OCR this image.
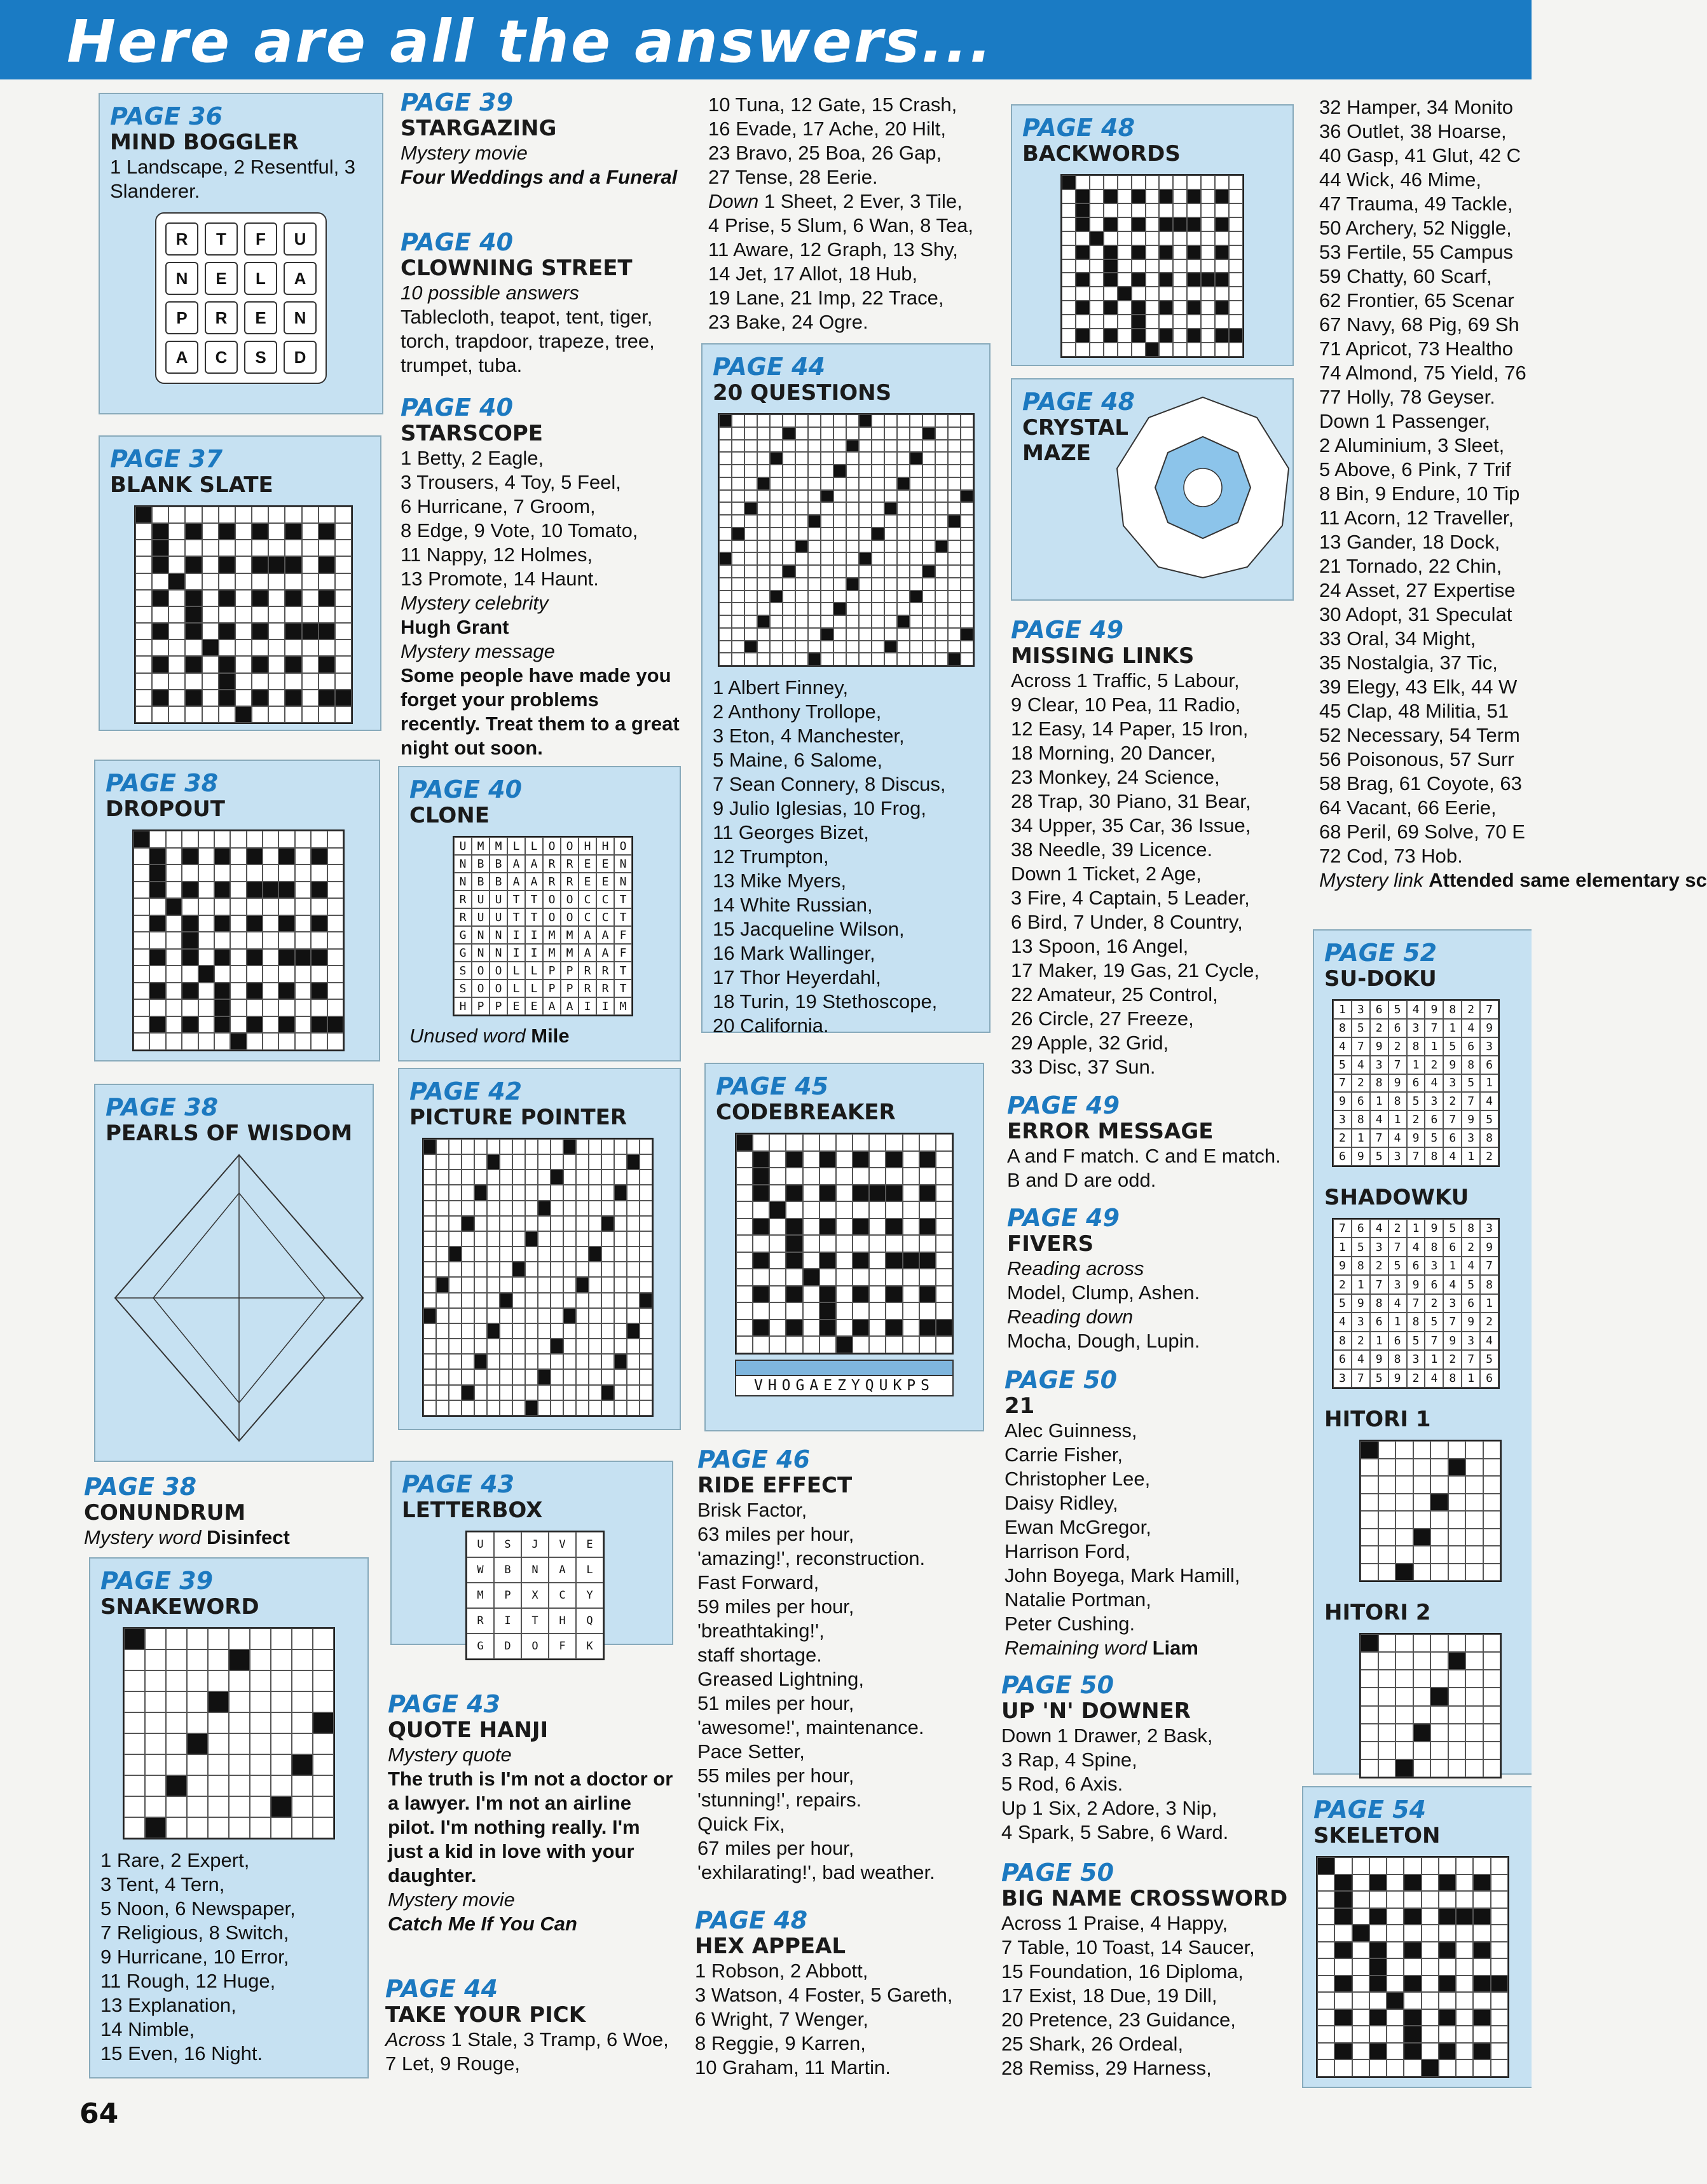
Here are all the answers...
PAGE 36
MIND BOGGLER
1 Landscape, 2 Resentful, 3 Slanderer.
R	T	F	U
N	E	L	A
P	R	E	N
A	C	S	D
PAGE 37
BLANK SLATE
PAGE 38
DROPOUT
PAGE 38
PEARLS OF WISDOM
PAGE 38
CONUNDRUM
Mystery word Disinfect
PAGE 39
SNAKEWORD
1 Rare, 2 Expert,
3 Tent, 4 Tern,
5 Noon, 6 Newspaper,
7 Religious, 8 Switch,
9 Hurricane, 10 Error,
11 Rough, 12 Huge,
13 Explanation,
14 Nimble,
15 Even, 16 Night.
64
PAGE 39
STARGAZING
Mystery movie
Four Weddings and a Funeral
PAGE 40
CLOWNING STREET
10 possible answers
Tablecloth, teapot, tent, tiger, torch, trapdoor, trapeze, tree, trumpet, tuba.
PAGE 40
STARSCOPE
1 Betty, 2 Eagle,
3 Trousers, 4 Toy, 5 Feel,
6 Hurricane, 7 Groom,
8 Edge, 9 Vote, 10 Tomato,
11 Nappy, 12 Holmes,
13 Promote, 14 Haunt.
Mystery celebrity
Hugh Grant
Mystery message
Some people have made you forget your problems recently. Treat them to a great night out soon.
PAGE 40
CLONE
U M M L L O O H H O
N B B A A R R E E N
N B B A A R R E E N
R U U T T O O C C T
R U U T T O O C C T
G N N I I M M A A F
G N N I I M M A A F
S O O L L P P R R T
S O O L L P P R R T
H P P E E A A I I M
Unused word Mile
PAGE 42
PICTURE POINTER
PAGE 43
LETTERBOX
U	S	J	V	E
W	B	N	A	L
M	P	X	C	Y
R	I	T	H	Q
G	D	O	F	K
PAGE 43
QUOTE HANJI
Mystery quote
The truth is I'm not a doctor or a lawyer. I'm not an airline pilot. I'm nothing really. I'm just a kid in love with your daughter.
Mystery movie
Catch Me If You Can
PAGE 44
TAKE YOUR PICK
Across 1 Stale, 3 Tramp, 6 Woe, 7 Let, 9 Rouge,
10 Tuna, 12 Gate, 15 Crash,
16 Evade, 17 Ache, 20 Hilt,
23 Bravo, 25 Boa, 26 Gap,
27 Tense, 28 Eerie.
Down 1 Sheet, 2 Ever, 3 Tile,
4 Prise, 5 Slum, 6 Wan, 8 Tea,
11 Aware, 12 Graph, 13 Shy,
14 Jet, 17 Allot, 18 Hub,
19 Lane, 21 Imp, 22 Trace,
23 Bake, 24 Ogre.
PAGE 44
20 QUESTIONS
1 Albert Finney,
2 Anthony Trollope,
3 Eton, 4 Manchester,
5 Maine, 6 Salome,
7 Sean Connery, 8 Discus,
9 Julio Iglesias, 10 Frog,
11 Georges Bizet,
12 Trumpton,
13 Mike Myers,
14 White Russian,
15 Jacqueline Wilson,
16 Mark Wallinger,
17 Thor Heyerdahl,
18 Turin, 19 Stethoscope,
20 California.
PAGE 45
CODEBREAKER
VHOGAEZYQUKPS
PAGE 46
RIDE EFFECT
Brisk Factor,
63 miles per hour,
'amazing!', reconstruction.
Fast Forward,
59 miles per hour,
'breathtaking!',
staff shortage.
Greased Lightning,
51 miles per hour,
'awesome!', maintenance.
Pace Setter,
55 miles per hour,
'stunning!', repairs.
Quick Fix,
67 miles per hour,
'exhilarating!', bad weather.
PAGE 48
HEX APPEAL
1 Robson, 2 Abbott,
3 Watson, 4 Foster, 5 Gareth,
6 Wright, 7 Wenger,
8 Reggie, 9 Karren,
10 Graham, 11 Martin.
PAGE 48
BACKWORDS
PAGE 48
CRYSTAL MAZE
PAGE 49
MISSING LINKS
Across 1 Traffic, 5 Labour,
9 Clear, 10 Pea, 11 Radio,
12 Easy, 14 Paper, 15 Iron,
18 Morning, 20 Dancer,
23 Monkey, 24 Science,
28 Trap, 30 Piano, 31 Bear,
34 Upper, 35 Car, 36 Issue,
38 Needle, 39 Licence.
Down 1 Ticket, 2 Age,
3 Fire, 4 Captain, 5 Leader,
6 Bird, 7 Under, 8 Country,
13 Spoon, 16 Angel,
17 Maker, 19 Gas, 21 Cycle,
22 Amateur, 25 Control,
26 Circle, 27 Freeze,
29 Apple, 32 Grid,
33 Disc, 37 Sun.
PAGE 49
ERROR MESSAGE
A and F match. C and E match. B and D are odd.
PAGE 49
FIVERS
Reading across
Model, Clump, Ashen.
Reading down
Mocha, Dough, Lupin.
PAGE 50
21
Alec Guinness,
Carrie Fisher,
Christopher Lee,
Daisy Ridley,
Ewan McGregor,
Harrison Ford,
John Boyega, Mark Hamill,
Natalie Portman,
Peter Cushing.
Remaining word Liam
PAGE 50
UP 'N' DOWNER
Down 1 Drawer, 2 Bask,
3 Rap, 4 Spine,
5 Rod, 6 Axis.
Up 1 Six, 2 Adore, 3 Nip,
4 Spark, 5 Sabre, 6 Ward.
PAGE 50
BIG NAME CROSSWORD
Across 1 Praise, 4 Happy,
7 Table, 10 Toast, 14 Saucer,
15 Foundation, 16 Diploma,
17 Exist, 18 Due, 19 Dill,
20 Pretence, 23 Guidance,
25 Shark, 26 Ordeal,
28 Remiss, 29 Harness,
32 Hamper, 34 Monito
36 Outlet, 38 Hoarse,
40 Gasp, 41 Glut, 42 C
44 Wick, 46 Mime,
47 Trauma, 49 Tackle,
50 Archery, 52 Niggle,
53 Fertile, 55 Campus
59 Chatty, 60 Scarf,
62 Frontier, 65 Scenar
67 Navy, 68 Pig, 69 Sh
71 Apricot, 73 Healtho
74 Almond, 75 Yield, 76
77 Holly, 78 Geyser.
Down 1 Passenger,
2 Aluminium, 3 Sleet,
5 Above, 6 Pink, 7 Trif
8 Bin, 9 Endure, 10 Tip
11 Acorn, 12 Traveller,
13 Gander, 18 Dock,
21 Tornado, 22 Chin,
24 Asset, 27 Expertise
30 Adopt, 31 Speculat
33 Oral, 34 Might,
35 Nostalgia, 37 Tic,
39 Elegy, 43 Elk, 44 W
45 Clap, 48 Militia, 51
52 Necessary, 54 Term
56 Poisonous, 57 Surr
58 Brag, 61 Coyote, 63
64 Vacant, 66 Eerie,
68 Peril, 69 Solve, 70 E
72 Cod, 73 Hob.
Mystery link Attended same elementary sc
PAGE 52
SU-DOKU
1	3	6	5	4	9	8	2	7
8	5	2	6	3	7	1	4	9
4	7	9	2	8	1	5	6	3
5	4	3	7	1	2	9	8	6
7	2	8	9	6	4	3	5	1
9	6	1	8	5	3	2	7	4
3	8	4	1	2	6	7	9	5
2	1	7	4	9	5	6	3	8
6	9	5	3	7	8	4	1	2
SHADOWKU
7	6	4	2	1	9	5	8	3
1	5	3	7	4	8	6	2	9
9	8	2	5	6	3	1	4	7
2	1	7	3	9	6	4	5	8
5	9	8	4	7	2	3	6	1
4	3	6	1	8	5	7	9	2
8	2	1	6	5	7	9	3	4
6	4	9	8	3	1	2	7	5
3	7	5	9	2	4	8	1	6
HITORI 1
HITORI 2
PAGE 54
SKELETON
